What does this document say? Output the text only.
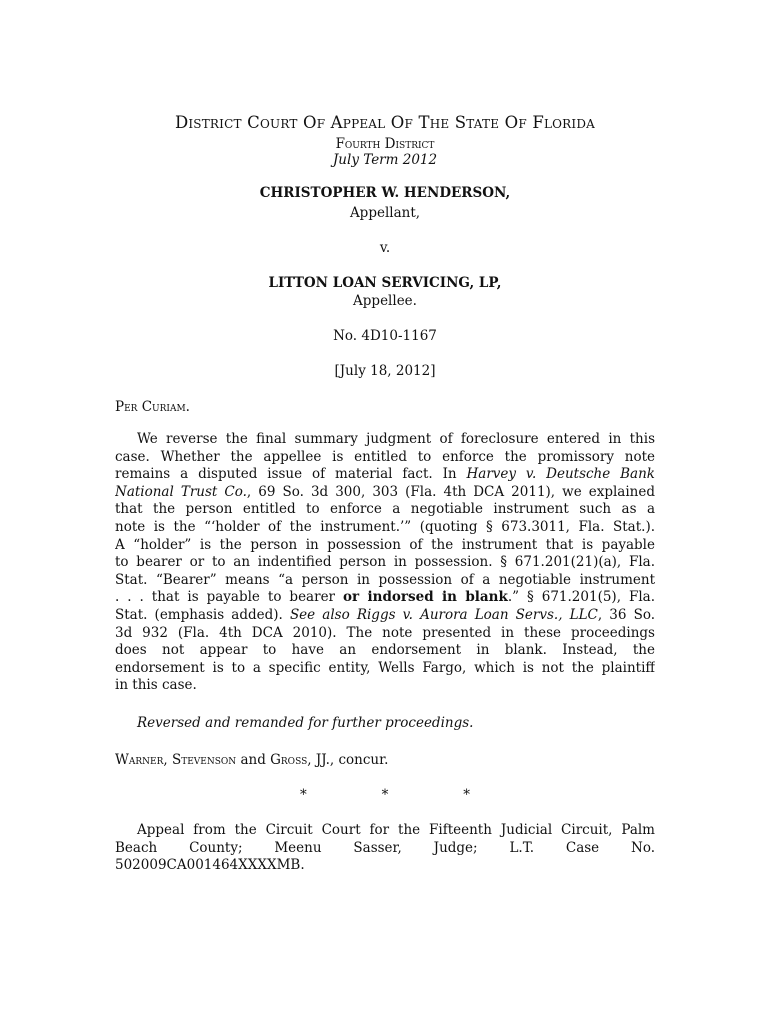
District Court Of Appeal Of The State Of Florida
Fourth District
July Term 2012
CHRISTOPHER W. HENDERSON,
Appellant,
v.
LITTON LOAN SERVICING, LP,
Appellee.
No. 4D10-1167
[July 18, 2012]
Per Curiam.
We reverse the final summary judgment of foreclosure entered in this
case. Whether the appellee is entitled to enforce the promissory note
remains a disputed issue of material fact. In Harvey v. Deutsche Bank
National Trust Co., 69 So. 3d 300, 303 (Fla. 4th DCA 2011), we explained
that the person entitled to enforce a negotiable instrument such as a
note is the “‘holder of the instrument.’” (quoting § 673.3011, Fla. Stat.).
A “holder” is the person in possession of the instrument that is payable
to bearer or to an indentified person in possession. § 671.201(21)(a), Fla.
Stat. “Bearer” means “a person in possession of a negotiable instrument
. . . that is payable to bearer or indorsed in blank.” § 671.201(5), Fla.
Stat. (emphasis added). See also Riggs v. Aurora Loan Servs., LLC, 36 So.
3d 932 (Fla. 4th DCA 2010). The note presented in these proceedings
does not appear to have an endorsement in blank. Instead, the
endorsement is to a specific entity, Wells Fargo, which is not the plaintiff
in this case.
Reversed and remanded for further proceedings.
Warner, Stevenson and Gross, JJ., concur.
*	*	*
Appeal from the Circuit Court for the Fifteenth Judicial Circuit, Palm
Beach County; Meenu Sasser, Judge; L.T. Case No.
502009CA001464XXXXMB.
